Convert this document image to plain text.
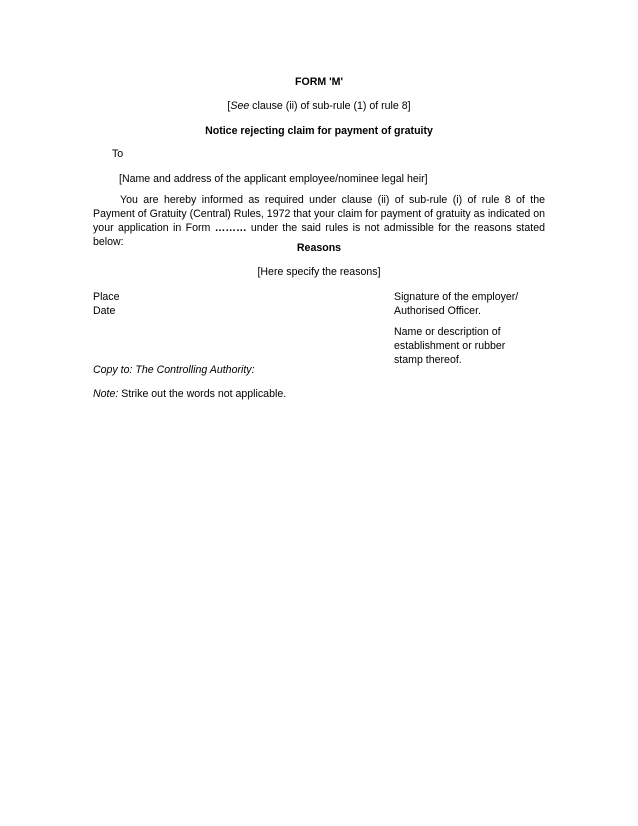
FORM 'M'
[See clause (ii) of sub-rule (1) of rule 8]
Notice rejecting claim for payment of gratuity
To
[Name and address of the applicant employee/nominee legal heir]
You are hereby informed as required under clause (ii) of sub-rule (i) of rule 8 of the Payment of Gratuity (Central) Rules, 1972 that your claim for payment of gratuity as indicated on your application in Form ……… under the said rules is not admissible for the reasons stated below:	Reasons
[Here specify the reasons]
Place
Date
Signature of the employer/
Authorised Officer.
Name or description of
establishment or rubber
stamp thereof.
Copy to: The Controlling Authority:
Note: Strike out the words not applicable.
